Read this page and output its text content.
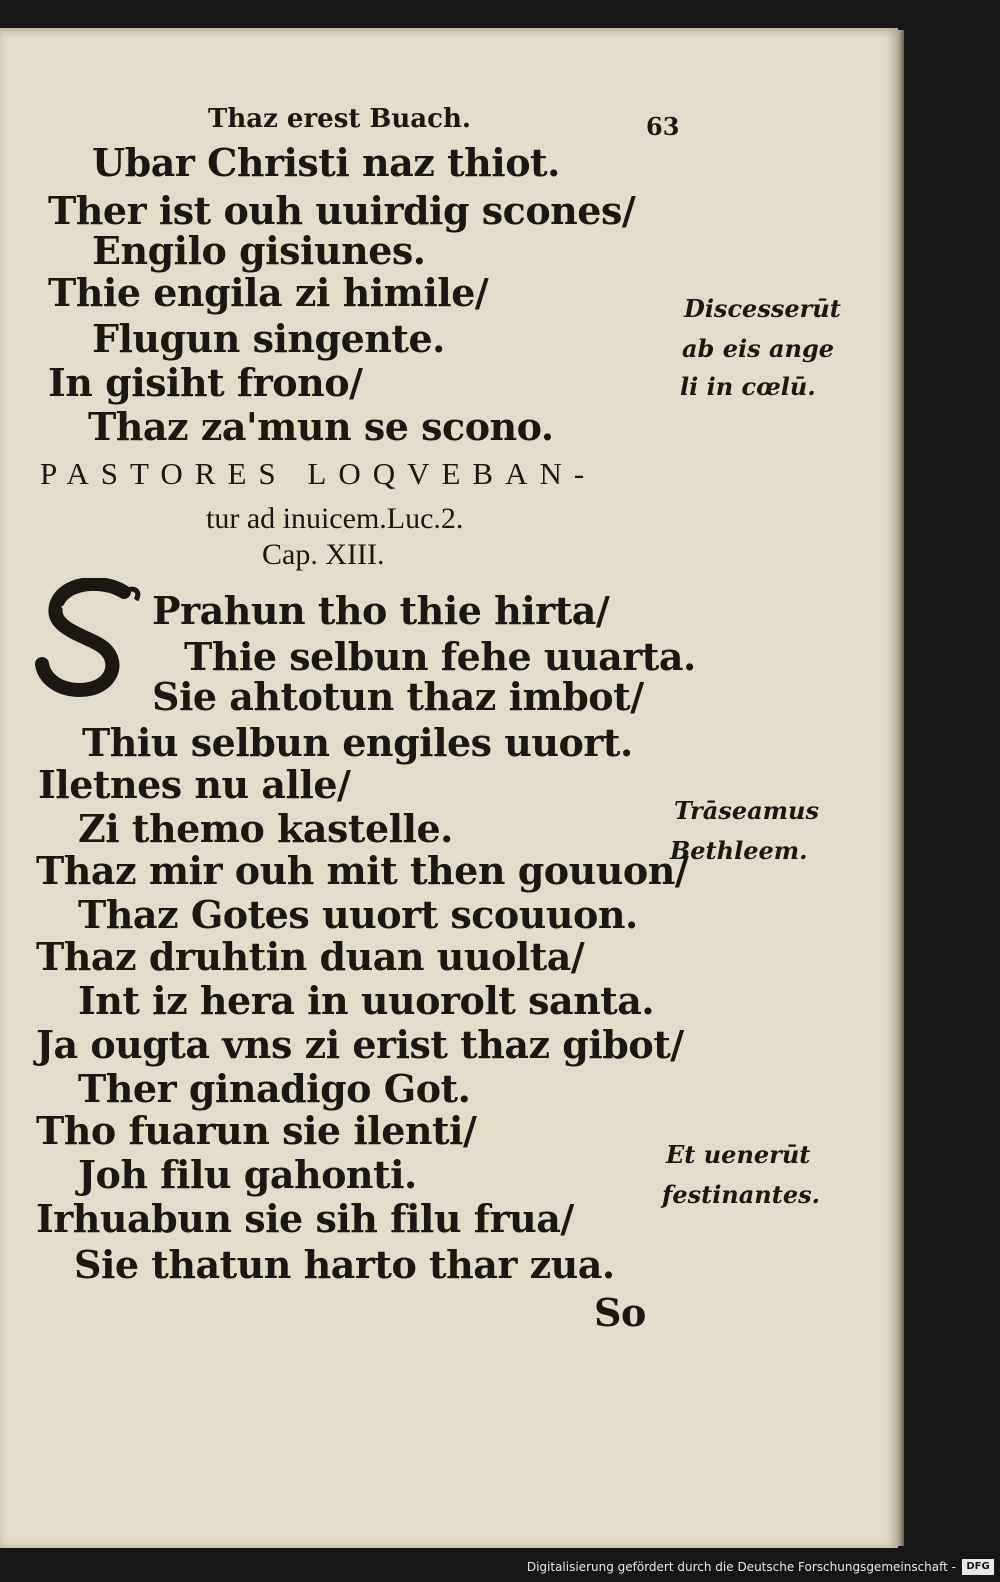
Thaz erest Buach.	63
Ubar Christi naz thiot.
Ther ist ouh uuirdig scones/
Engilo gisiunes.
Thie engila zi himile/
Flugun singente.
In gisiht frono/
Thaz za'mun se scono.
PASTORES LOQVEBAN-
tur ad inuicem.Luc.2.
Cap. XIII.
S
Prahun tho thie hirta/
Thie selbun fehe uuarta.
Sie ahtotun thaz imbot/
Thiu selbun engiles uuort.
Iletnes nu alle/
Zi themo kastelle.
Thaz mir ouh mit then gouuon/
Thaz Gotes uuort scouuon.
Thaz druhtin duan uuolta/
Int iz hera in uuorolt santa.
Ja ougta vns zi erist thaz gibot/
Ther ginadigo Got.
Tho fuarun sie ilenti/
Joh filu gahonti.
Irhuabun sie sih filu frua/
Sie thatun harto thar zua.
So
Discesserūt
ab eis ange
li in cœlū.
Trāseamus
Bethleem.
Et uenerūt
festinantes.
Digitalisierung gefördert durch die Deutsche Forschungsgemeinschaft -	DFG
